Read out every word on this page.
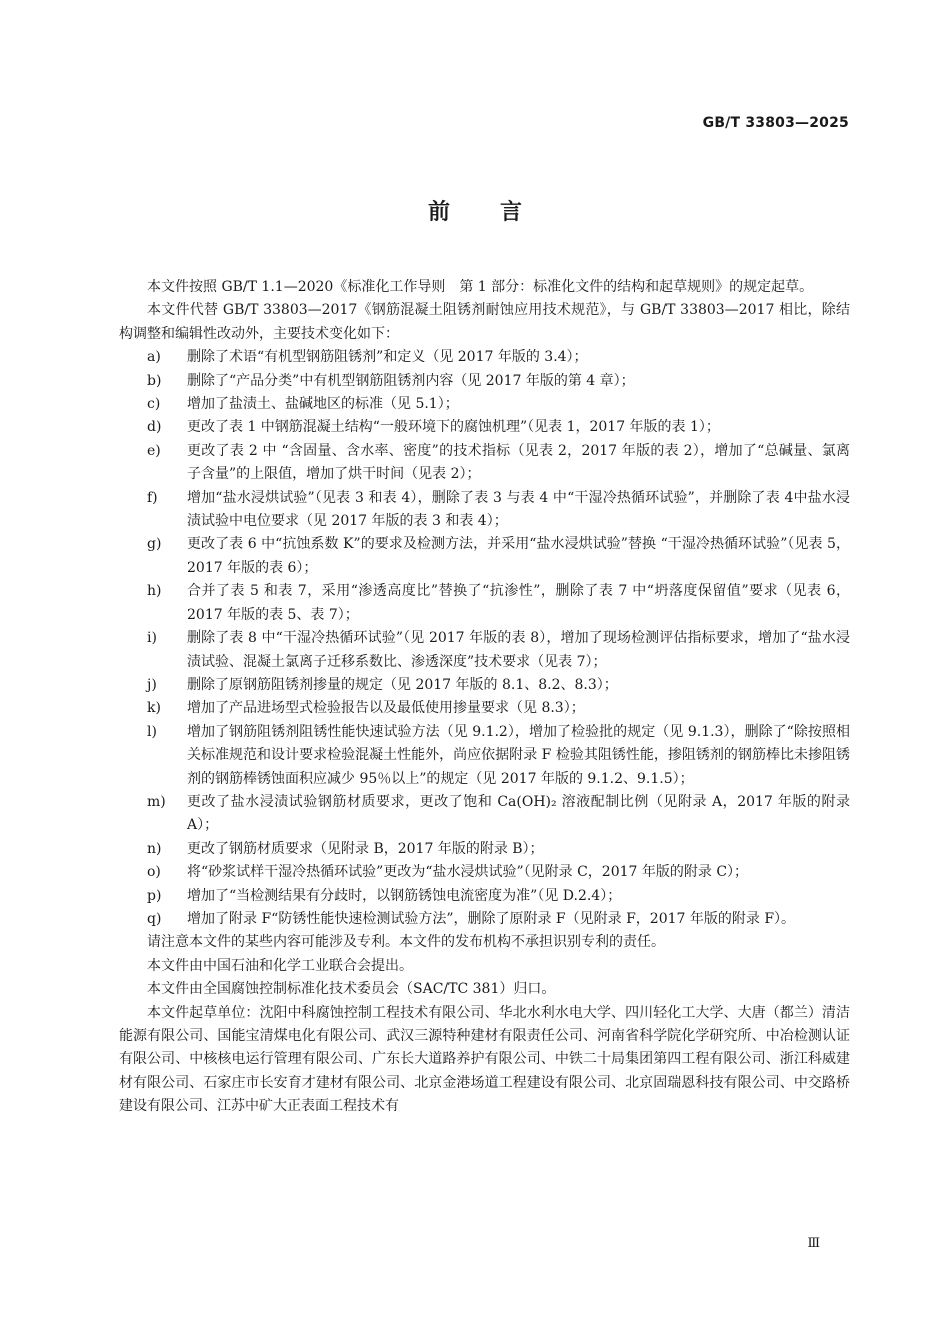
GB/T 33803—2025
前言

本文件按照 GB/T 1.1—2020《标准化工作导则　第 1 部分：标准化文件的结构和起草规则》的规定起草。

本文件代替 GB/T 33803—2017《钢筋混凝土阻锈剂耐蚀应用技术规范》，与 GB/T 33803—2017 相比，除结构调整和编辑性改动外，主要技术变化如下：

a)	删除了术语“有机型钢筋阻锈剂”和定义（见 2017 年版的 3.4）；
b)	删除了“产品分类”中有机型钢筋阻锈剂内容（见 2017 年版的第 4 章）；
c)	增加了盐渍土、盐碱地区的标准（见 5.1）；
d)	更改了表 1 中钢筋混凝土结构“一般环境下的腐蚀机理”（见表 1，2017 年版的表 1）；
e)	更改了表 2 中 “含固量、含水率、密度”的技术指标（见表 2，2017 年版的表 2），增加了“总碱量、氯离子含量”的上限值，增加了烘干时间（见表 2）；
f)	增加“盐水浸烘试验”（见表 3 和表 4），删除了表 3 与表 4 中“干湿冷热循环试验”，并删除了表 4中盐水浸渍试验中电位要求（见 2017 年版的表 3 和表 4）；
g)	更改了表 6 中“抗蚀系数 K”的要求及检测方法，并采用“盐水浸烘试验”替换 “干湿冷热循环试验”（见表 5，2017 年版的表 6）；
h)	合并了表 5 和表 7，采用“渗透高度比”替换了“抗渗性”，删除了表 7 中“坍落度保留值”要求（见表 6，2017 年版的表 5、表 7）；
i)	删除了表 8 中“干湿冷热循环试验”（见 2017 年版的表 8），增加了现场检测评估指标要求，增加了“盐水浸渍试验、混凝土氯离子迁移系数比、渗透深度”技术要求（见表 7）；
j)	删除了原钢筋阻锈剂掺量的规定（见 2017 年版的 8.1、8.2、8.3）；
k)	增加了产品进场型式检验报告以及最低使用掺量要求（见 8.3）；
l)	增加了钢筋阻锈剂阻锈性能快速试验方法（见 9.1.2），增加了检验批的规定（见 9.1.3），删除了“除按照相关标准规范和设计要求检验混凝土性能外，尚应依据附录 F 检验其阻锈性能，掺阻锈剂的钢筋棒比未掺阻锈剂的钢筋棒锈蚀面积应减少 95％以上”的规定（见 2017 年版的 9.1.2、9.1.5）；
m)	更改了盐水浸渍试验钢筋材质要求，更改了饱和 Ca(OH)₂ 溶液配制比例（见附录 A，2017 年版的附录 A）；
n)	更改了钢筋材质要求（见附录 B，2017 年版的附录 B）；
o)	将“砂浆试样干湿冷热循环试验”更改为“盐水浸烘试验”（见附录 C，2017 年版的附录 C）；
p)	增加了“当检测结果有分歧时，以钢筋锈蚀电流密度为准”（见 D.2.4）；
q)	增加了附录 F“防锈性能快速检测试验方法”，删除了原附录 F（见附录 F，2017 年版的附录 F）。

请注意本文件的某些内容可能涉及专利。本文件的发布机构不承担识别专利的责任。

本文件由中国石油和化学工业联合会提出。

本文件由全国腐蚀控制标准化技术委员会（SAC/TC 381）归口。

本文件起草单位：沈阳中科腐蚀控制工程技术有限公司、华北水利水电大学、四川轻化工大学、大唐（都兰）清洁能源有限公司、国能宝清煤电化有限公司、武汉三源特种建材有限责任公司、河南省科学院化学研究所、中冶检测认证有限公司、中核核电运行管理有限公司、广东长大道路养护有限公司、中铁二十局集团第四工程有限公司、浙江科威建材有限公司、石家庄市长安育才建材有限公司、北京金港场道工程建设有限公司、北京固瑞恩科技有限公司、中交路桥建设有限公司、江苏中矿大正表面工程技术有

Ⅲ
